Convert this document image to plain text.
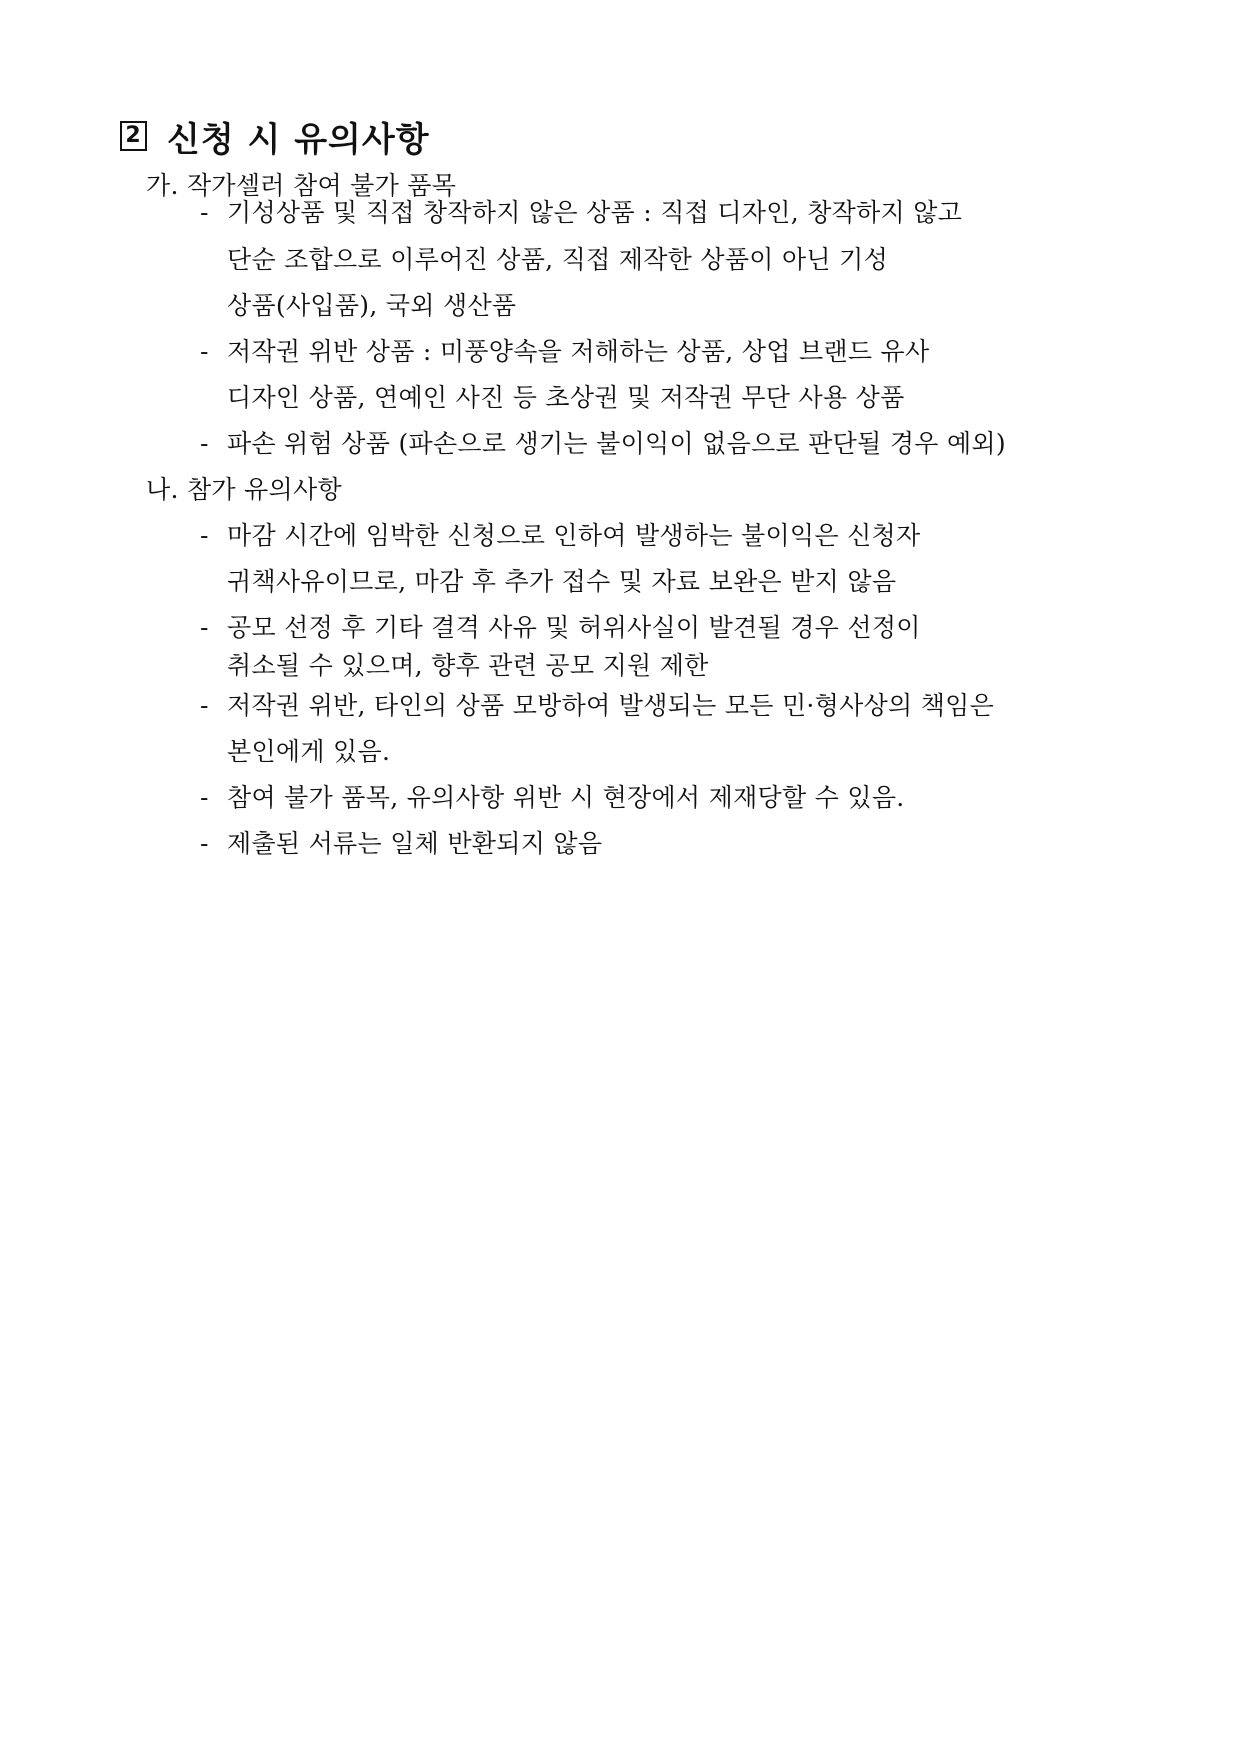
2 신청 시 유의사항
가. 작가셀러 참여 불가 품목
- 기성상품 및 직접 창작하지 않은 상품 : 직접 디자인, 창작하지 않고
단순 조합으로 이루어진 상품, 직접 제작한 상품이 아닌 기성
상품(사입품), 국외 생산품
- 저작권 위반 상품 : 미풍양속을 저해하는 상품, 상업 브랜드 유사
디자인 상품, 연예인 사진 등 초상권 및 저작권 무단 사용 상품
- 파손 위험 상품 (파손으로 생기는 불이익이 없음으로 판단될 경우 예외)
나. 참가 유의사항
- 마감 시간에 임박한 신청으로 인하여 발생하는 불이익은 신청자
귀책사유이므로, 마감 후 추가 접수 및 자료 보완은 받지 않음
- 공모 선정 후 기타 결격 사유 및 허위사실이 발견될 경우 선정이
취소될 수 있으며, 향후 관련 공모 지원 제한
- 저작권 위반, 타인의 상품 모방하여 발생되는 모든 민·형사상의 책임은
본인에게 있음.
- 참여 불가 품목, 유의사항 위반 시 현장에서 제재당할 수 있음.
- 제출된 서류는 일체 반환되지 않음
